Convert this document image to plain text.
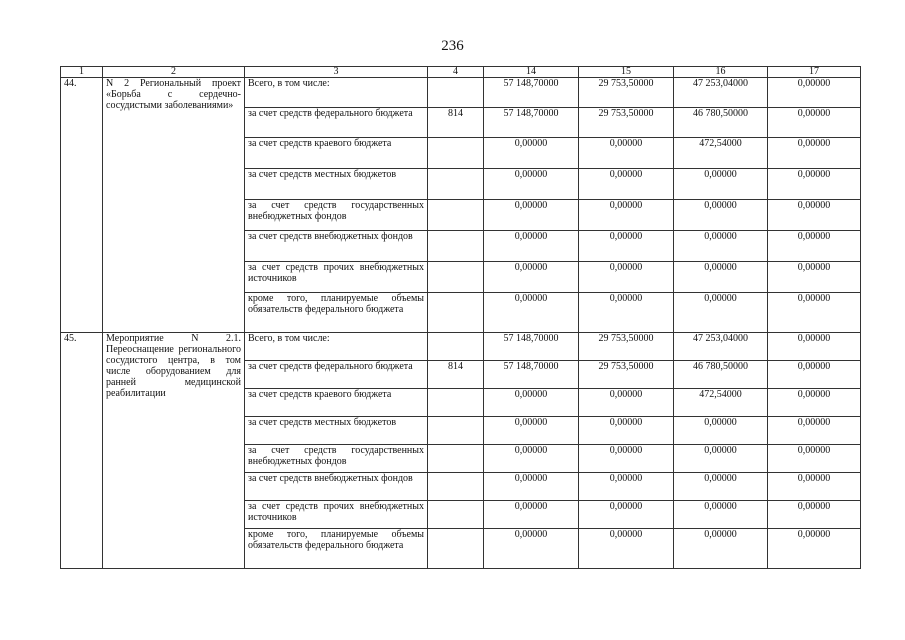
236
1	2	3	4	14	15	16	17
44.	N 2 Региональный проект «Борьба с сердечно-сосудистыми заболеваниями»	Всего, в том числе:		57 148,70000	29 753,50000	47 253,04000	0,00000
		за счет средств федерального бюджета	814	57 148,70000	29 753,50000	46 780,50000	0,00000
		за счет средств краевого бюджета		0,00000	0,00000	472,54000	0,00000
		за счет средств местных бюджетов		0,00000	0,00000	0,00000	0,00000
		за счет средств государственных внебюджетных фондов		0,00000	0,00000	0,00000	0,00000
		за счет средств внебюджетных фондов		0,00000	0,00000	0,00000	0,00000
		за счет средств прочих внебюджетных источников		0,00000	0,00000	0,00000	0,00000
		кроме того, планируемые объемы обязательств федерального бюджета		0,00000	0,00000	0,00000	0,00000
45.	Мероприятие N 2.1. Переоснащение регионального сосудистого центра, в том числе оборудованием для ранней медицинской реабилитации	Всего, в том числе:		57 148,70000	29 753,50000	47 253,04000	0,00000
		за счет средств федерального бюджета	814	57 148,70000	29 753,50000	46 780,50000	0,00000
		за счет средств краевого бюджета		0,00000	0,00000	472,54000	0,00000
		за счет средств местных бюджетов		0,00000	0,00000	0,00000	0,00000
		за счет средств государственных внебюджетных фондов		0,00000	0,00000	0,00000	0,00000
		за счет средств внебюджетных фондов		0,00000	0,00000	0,00000	0,00000
		за счет средств прочих внебюджетных источников		0,00000	0,00000	0,00000	0,00000
		кроме того, планируемые объемы обязательств федерального бюджета		0,00000	0,00000	0,00000	0,00000
